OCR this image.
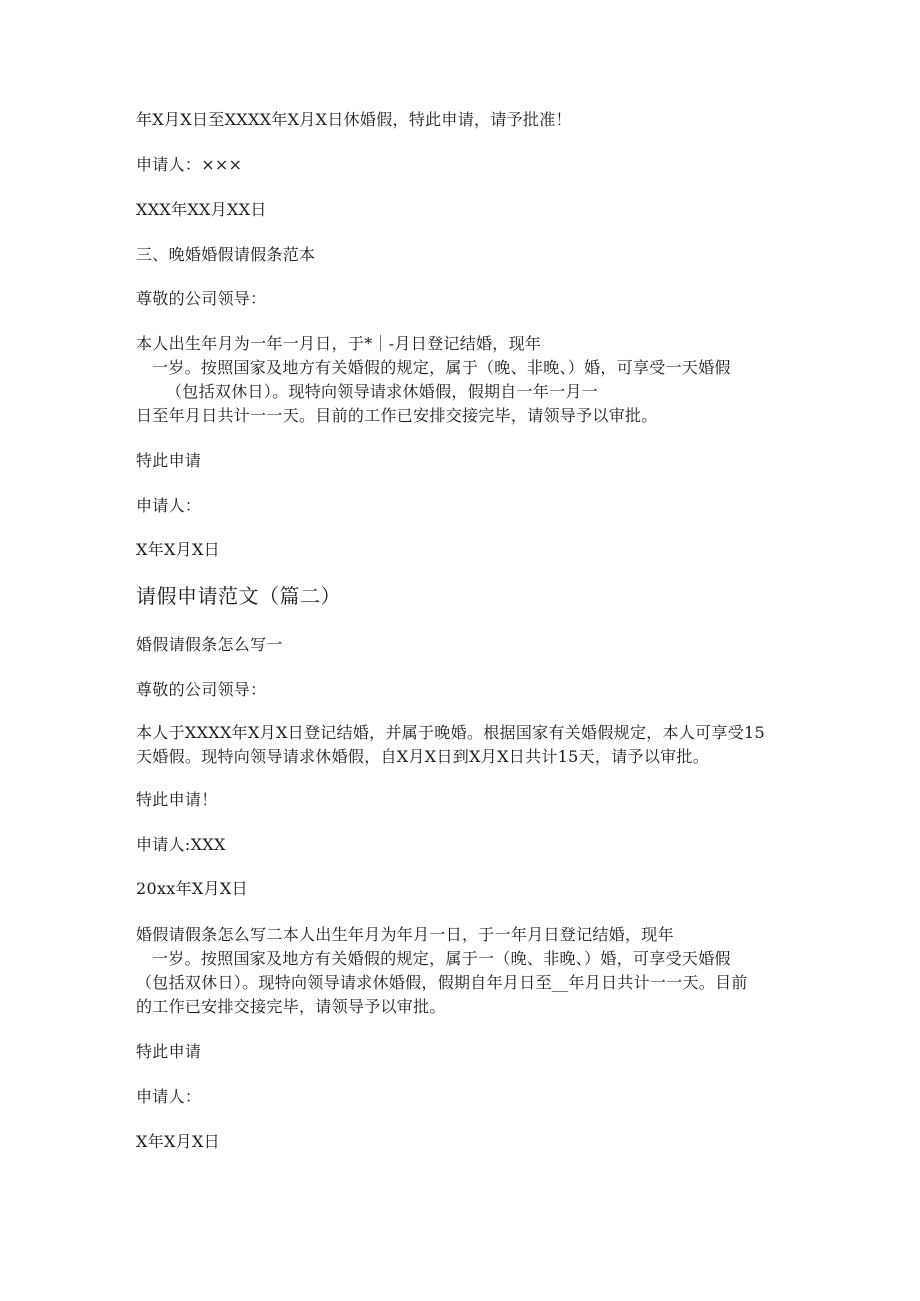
年X月X日至XXXX年X月X日休婚假，特此申请，请予批准！
申请人：×××
XXX年XX月XX日
三、晚婚婚假请假条范本
尊敬的公司领导：
本人出生年月为一年一月日，于*｜-月日登记结婚，现年
一岁。按照国家及地方有关婚假的规定，属于（晚、非晚、）婚，可享受一天婚假
（包括双休日）。现特向领导请求休婚假，假期自一年一月一
日至年月日共计一一天。目前的工作已安排交接完毕，请领导予以审批。
特此申请
申请人：
X年X月X日
请假申请范文（篇二）
婚假请假条怎么写一
尊敬的公司领导：
本人于XXXX年X月X日登记结婚，并属于晚婚。根据国家有关婚假规定，本人可享受15
天婚假。现特向领导请求休婚假，自X月X日到X月X日共计15天，请予以审批。
特此申请！
申请人:XXX
20xx年X月X日
婚假请假条怎么写二本人出生年月为年月一日，于一年月日登记结婚，现年
一岁。按照国家及地方有关婚假的规定，属于一（晚、非晚、）婚，可享受天婚假
（包括双休日）。现特向领导请求休婚假，假期自年月日至__年月日共计一一天。目前
的工作已安排交接完毕，请领导予以审批。
特此申请
申请人：
X年X月X日
